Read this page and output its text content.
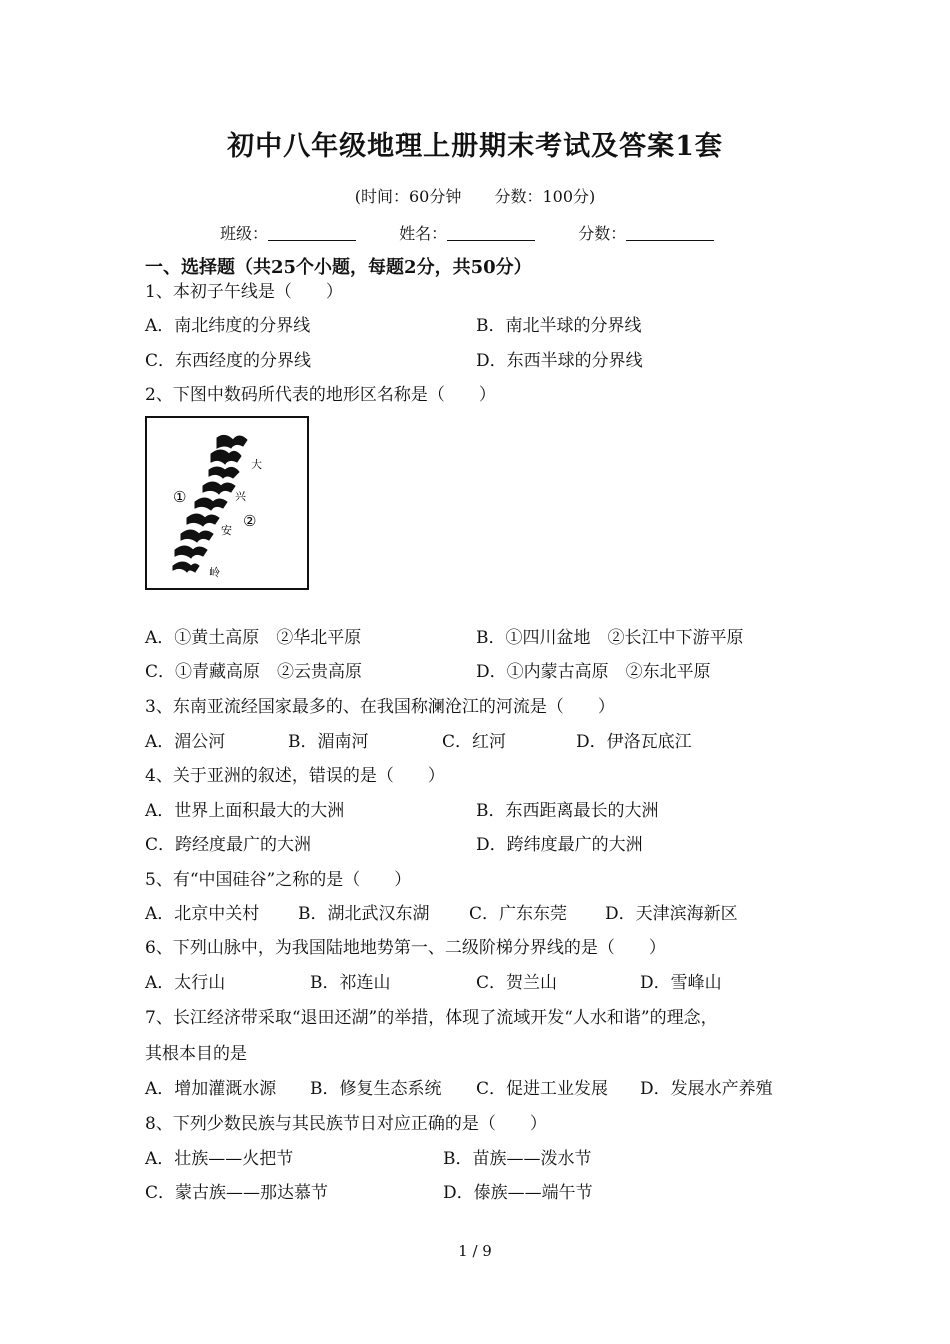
初中八年级地理上册期末考试及答案1套
(时间：60分钟 分数：100分)
班级：	姓名：	分数：
一、选择题（共25个小题，每题2分，共50分）
1、本初子午线是（　　）
A．南北纬度的分界线	B．南北半球的分界线
C．东西经度的分界线	D．东西半球的分界线
2、下图中数码所代表的地形区名称是（　　）
①
②
大
兴
安
岭
A．①黄土高原　②华北平原	B．①四川盆地　②长江中下游平原
C．①青藏高原　②云贵高原	D．①内蒙古高原　②东北平原
3、东南亚流经国家最多的、在我国称澜沧江的河流是（　　）
A．湄公河	B．湄南河	C．红河	D．伊洛瓦底江
4、关于亚洲的叙述，错误的是（　　）
A．世界上面积最大的大洲	B．东西距离最长的大洲
C．跨经度最广的大洲	D．跨纬度最广的大洲
5、有“中国硅谷”之称的是（　　）
A．北京中关村 B．湖北武汉东湖 C．广东东莞 D．天津滨海新区
6、下列山脉中，为我国陆地地势第一、二级阶梯分界线的是（　　）
A．太行山	B．祁连山	C．贺兰山	D．雪峰山
7、长江经济带采取“退田还湖”的举措，体现了流域开发“人水和谐”的理念，
其根本目的是
A．增加灌溉水源 B．修复生态系统 C．促进工业发展 D．发展水产养殖
8、下列少数民族与其民族节日对应正确的是（　　）
A．壮族——火把节	B．苗族——泼水节
C．蒙古族——那达慕节	D．傣族——端午节
1 / 9
